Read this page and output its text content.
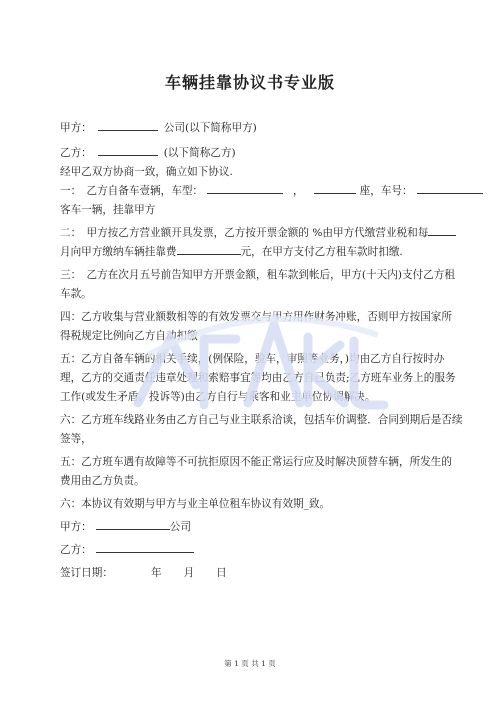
车辆挂靠协议书专业版
甲方：	公司(以下简称甲方)
乙方：	(以下简称乙方)
经甲乙双方协商一致，确立如下协议.
一：　乙方自备车壹辆，车型：	，	座，车号：
客车一辆，挂靠甲方
二：　甲方按乙方营业额开具发票，乙方按开票金额的 %由甲方代缴营业税和每
月向甲方缴纳车辆挂靠费	元，在甲方支付乙方租车款时扣缴.
三：　乙方在次月五号前告知甲方开票金额，租车款到帐后，甲方(十天内)支付乙方租
车款。
四：乙方收集与营业额数相等的有效发票交与甲方用作财务冲账，否则甲方按国家所
得税规定比例向乙方自动扣缴
五：乙方自备车辆的相关手续，(例保险，验车，审照等业务，)均由乙方自行按时办
理，乙方的交通责任违章处理和索赔事宜等均由乙方自己负责;乙方班车业务上的服务
工作(或发生矛盾。投诉等)由乙方自行与乘客和业主单位协调解决。
六：乙方班车线路业务由乙方自己与业主联系洽谈，包括车价调整．合同到期后是否续
签等，
五：乙方班车遇有故障等不可抗拒原因不能正常运行应及时解决顶替车辆，所发生的
费用由乙方负责。
六：本协议有效期与甲方与业主单位租车协议有效期_致。
甲方：	公司
乙方：
签订日期：	年 月 日
第 1 页 共 1 页
